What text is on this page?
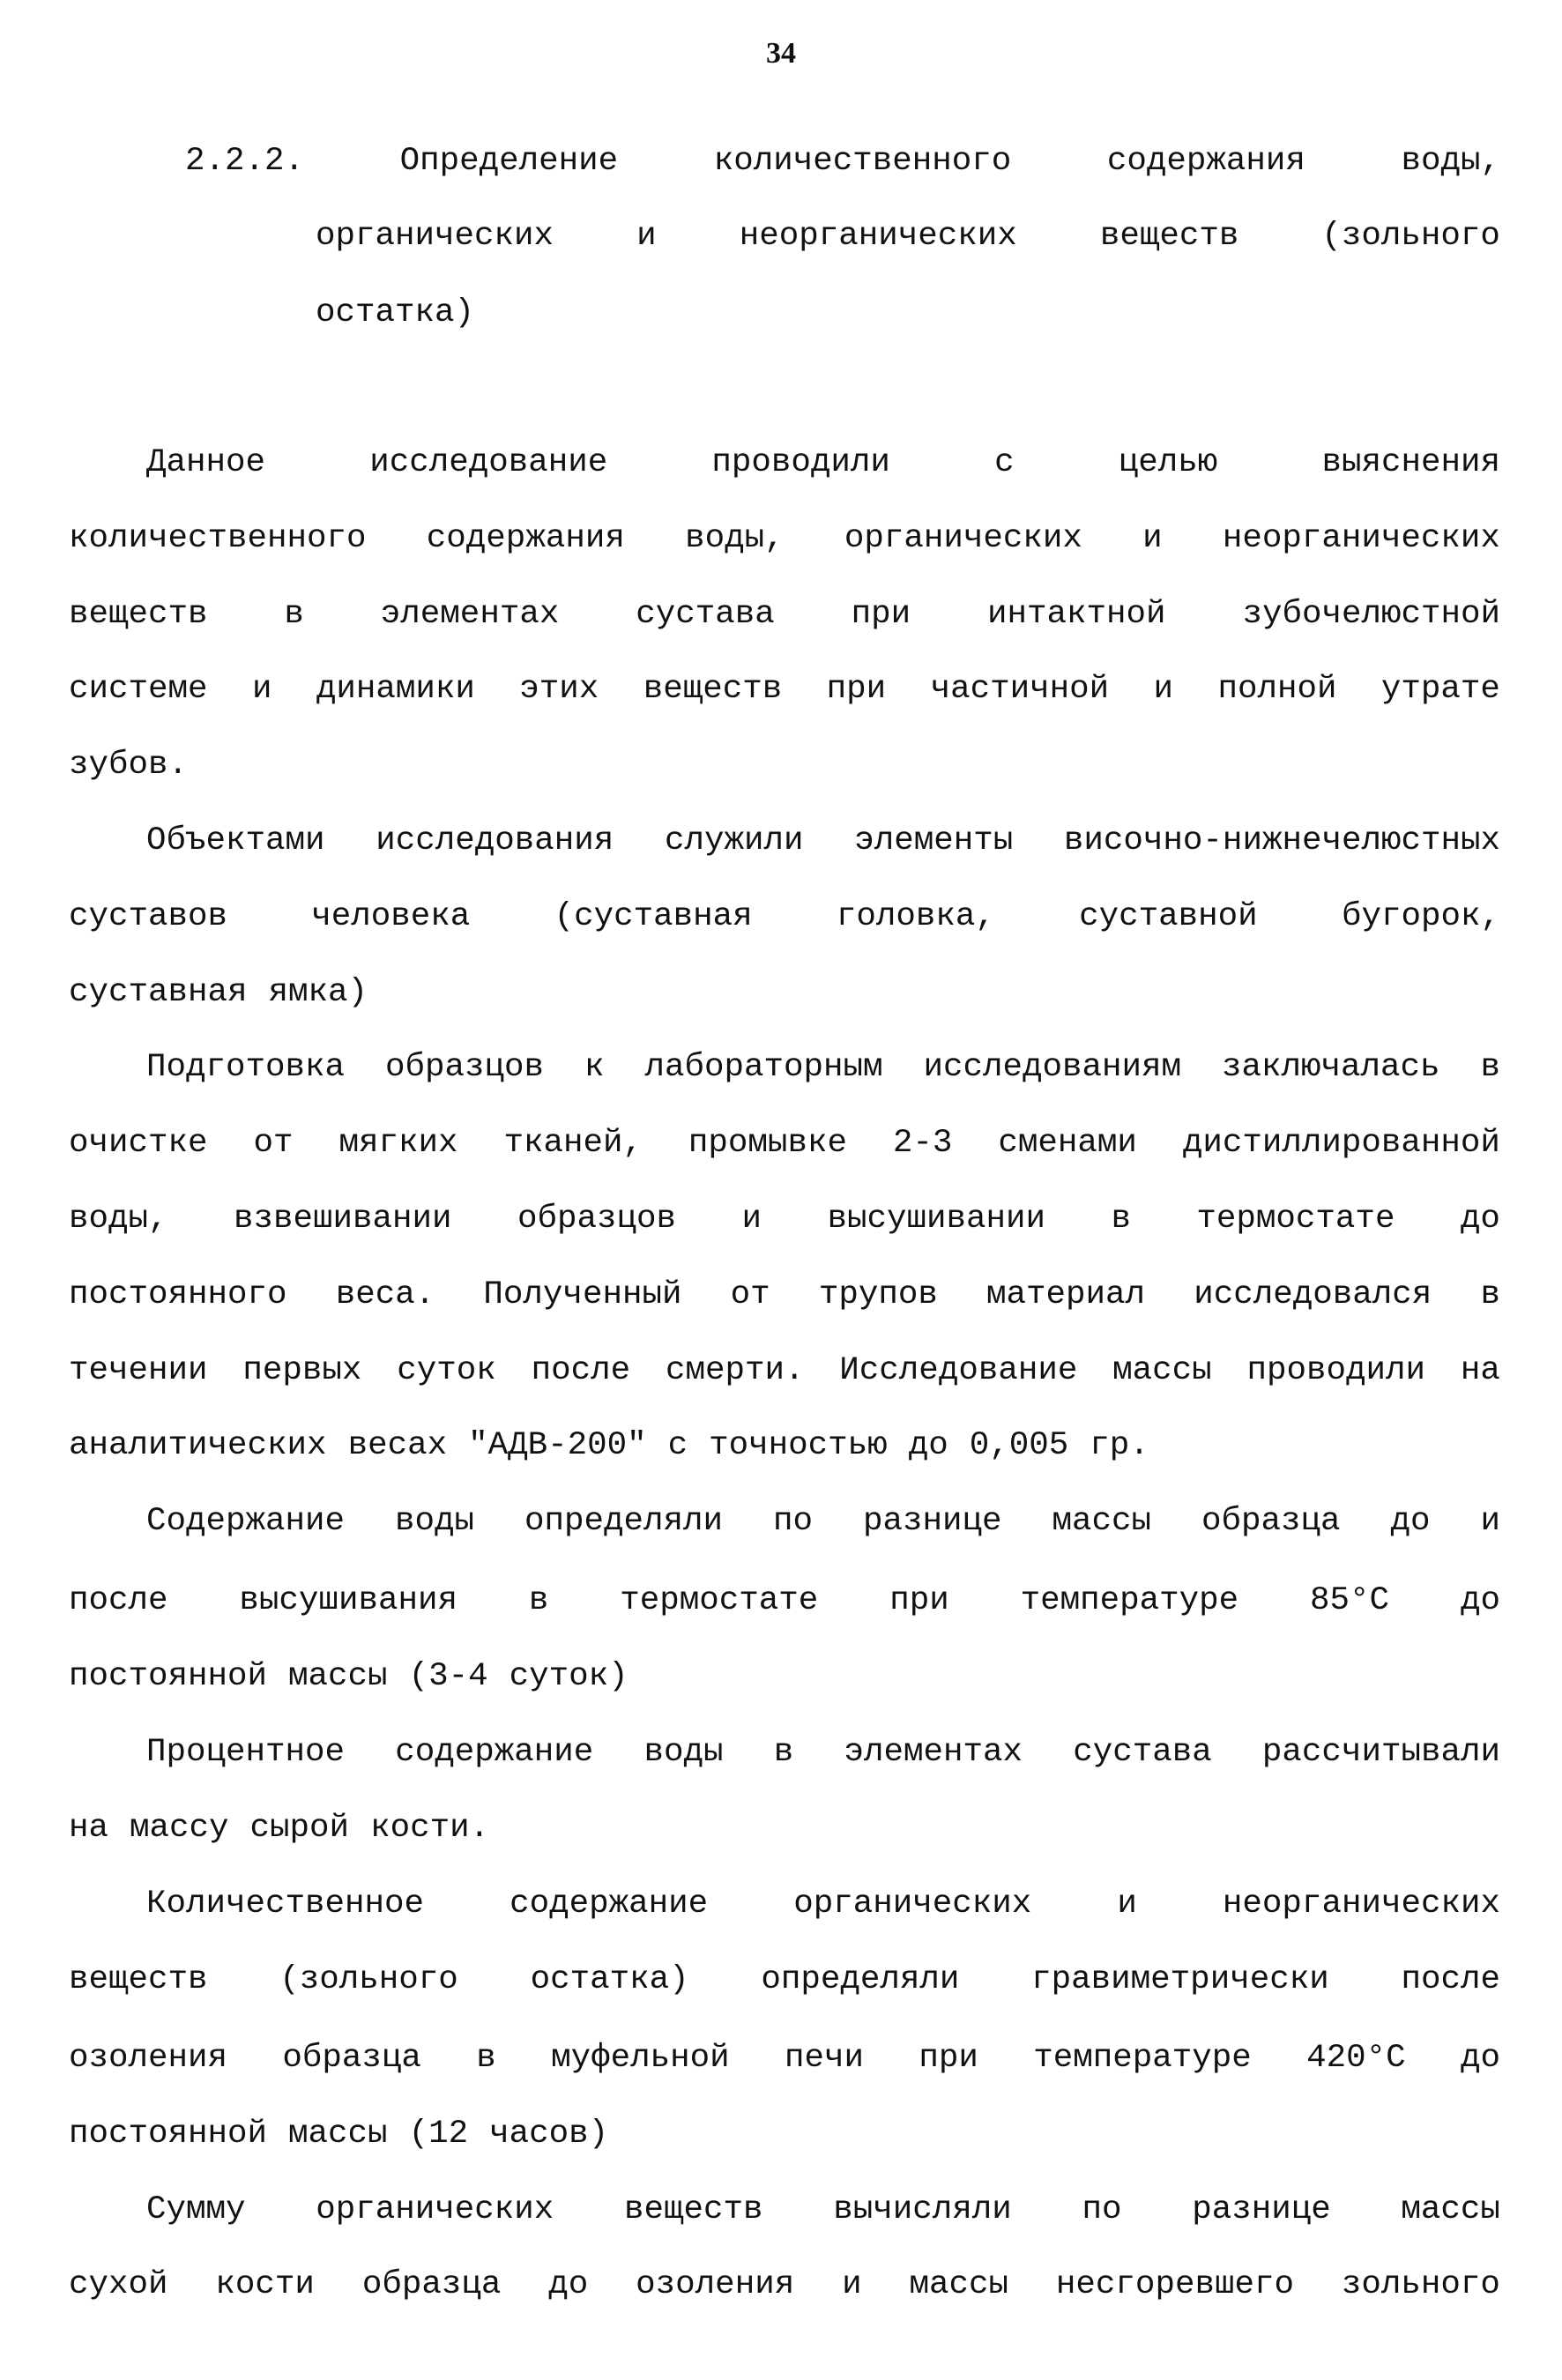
34
2.2.2.	Определение	количественного	содержания	воды,
органических	и	неорганических	веществ	(зольного
остатка)
Данное	исследование	проводили	с	целью	выяснения
количественного содержания воды, органических и неорганических
веществ в элементах сустава при интактной зубочелюстной
системе и динамики этих веществ при частичной и полной утрате
зубов.
Объектами исследования служили элементы височно-нижнечелюстных
суставов	человека	(суставная	головка,	суставной	бугорок,
суставная ямка)
Подготовка образцов к лабораторным исследованиям заключалась в
очистке от мягких тканей, промывке 2-3 сменами дистиллированной
воды, взвешивании образцов и высушивании в термостате до
постоянного веса. Полученный от трупов материал исследовался в
течении первых суток после смерти. Исследование массы проводили на
аналитических весах "АДВ-200" с точностью до 0,005 гр.
Содержание воды определяли по разнице массы образца до и
после высушивания в термостате при температуре 85°С до
постоянной массы (3-4 суток)
Процентное содержание воды в элементах сустава рассчитывали
на массу сырой кости.
Количественное	содержание	органических	и	неорганических
веществ (зольного остатка) определяли гравиметрически после
озоления образца в муфельной печи при температуре 420°С до
постоянной массы (12 часов)
Сумму органических веществ вычисляли по разнице массы
сухой кости образца до озоления и массы несгоревшего зольного
